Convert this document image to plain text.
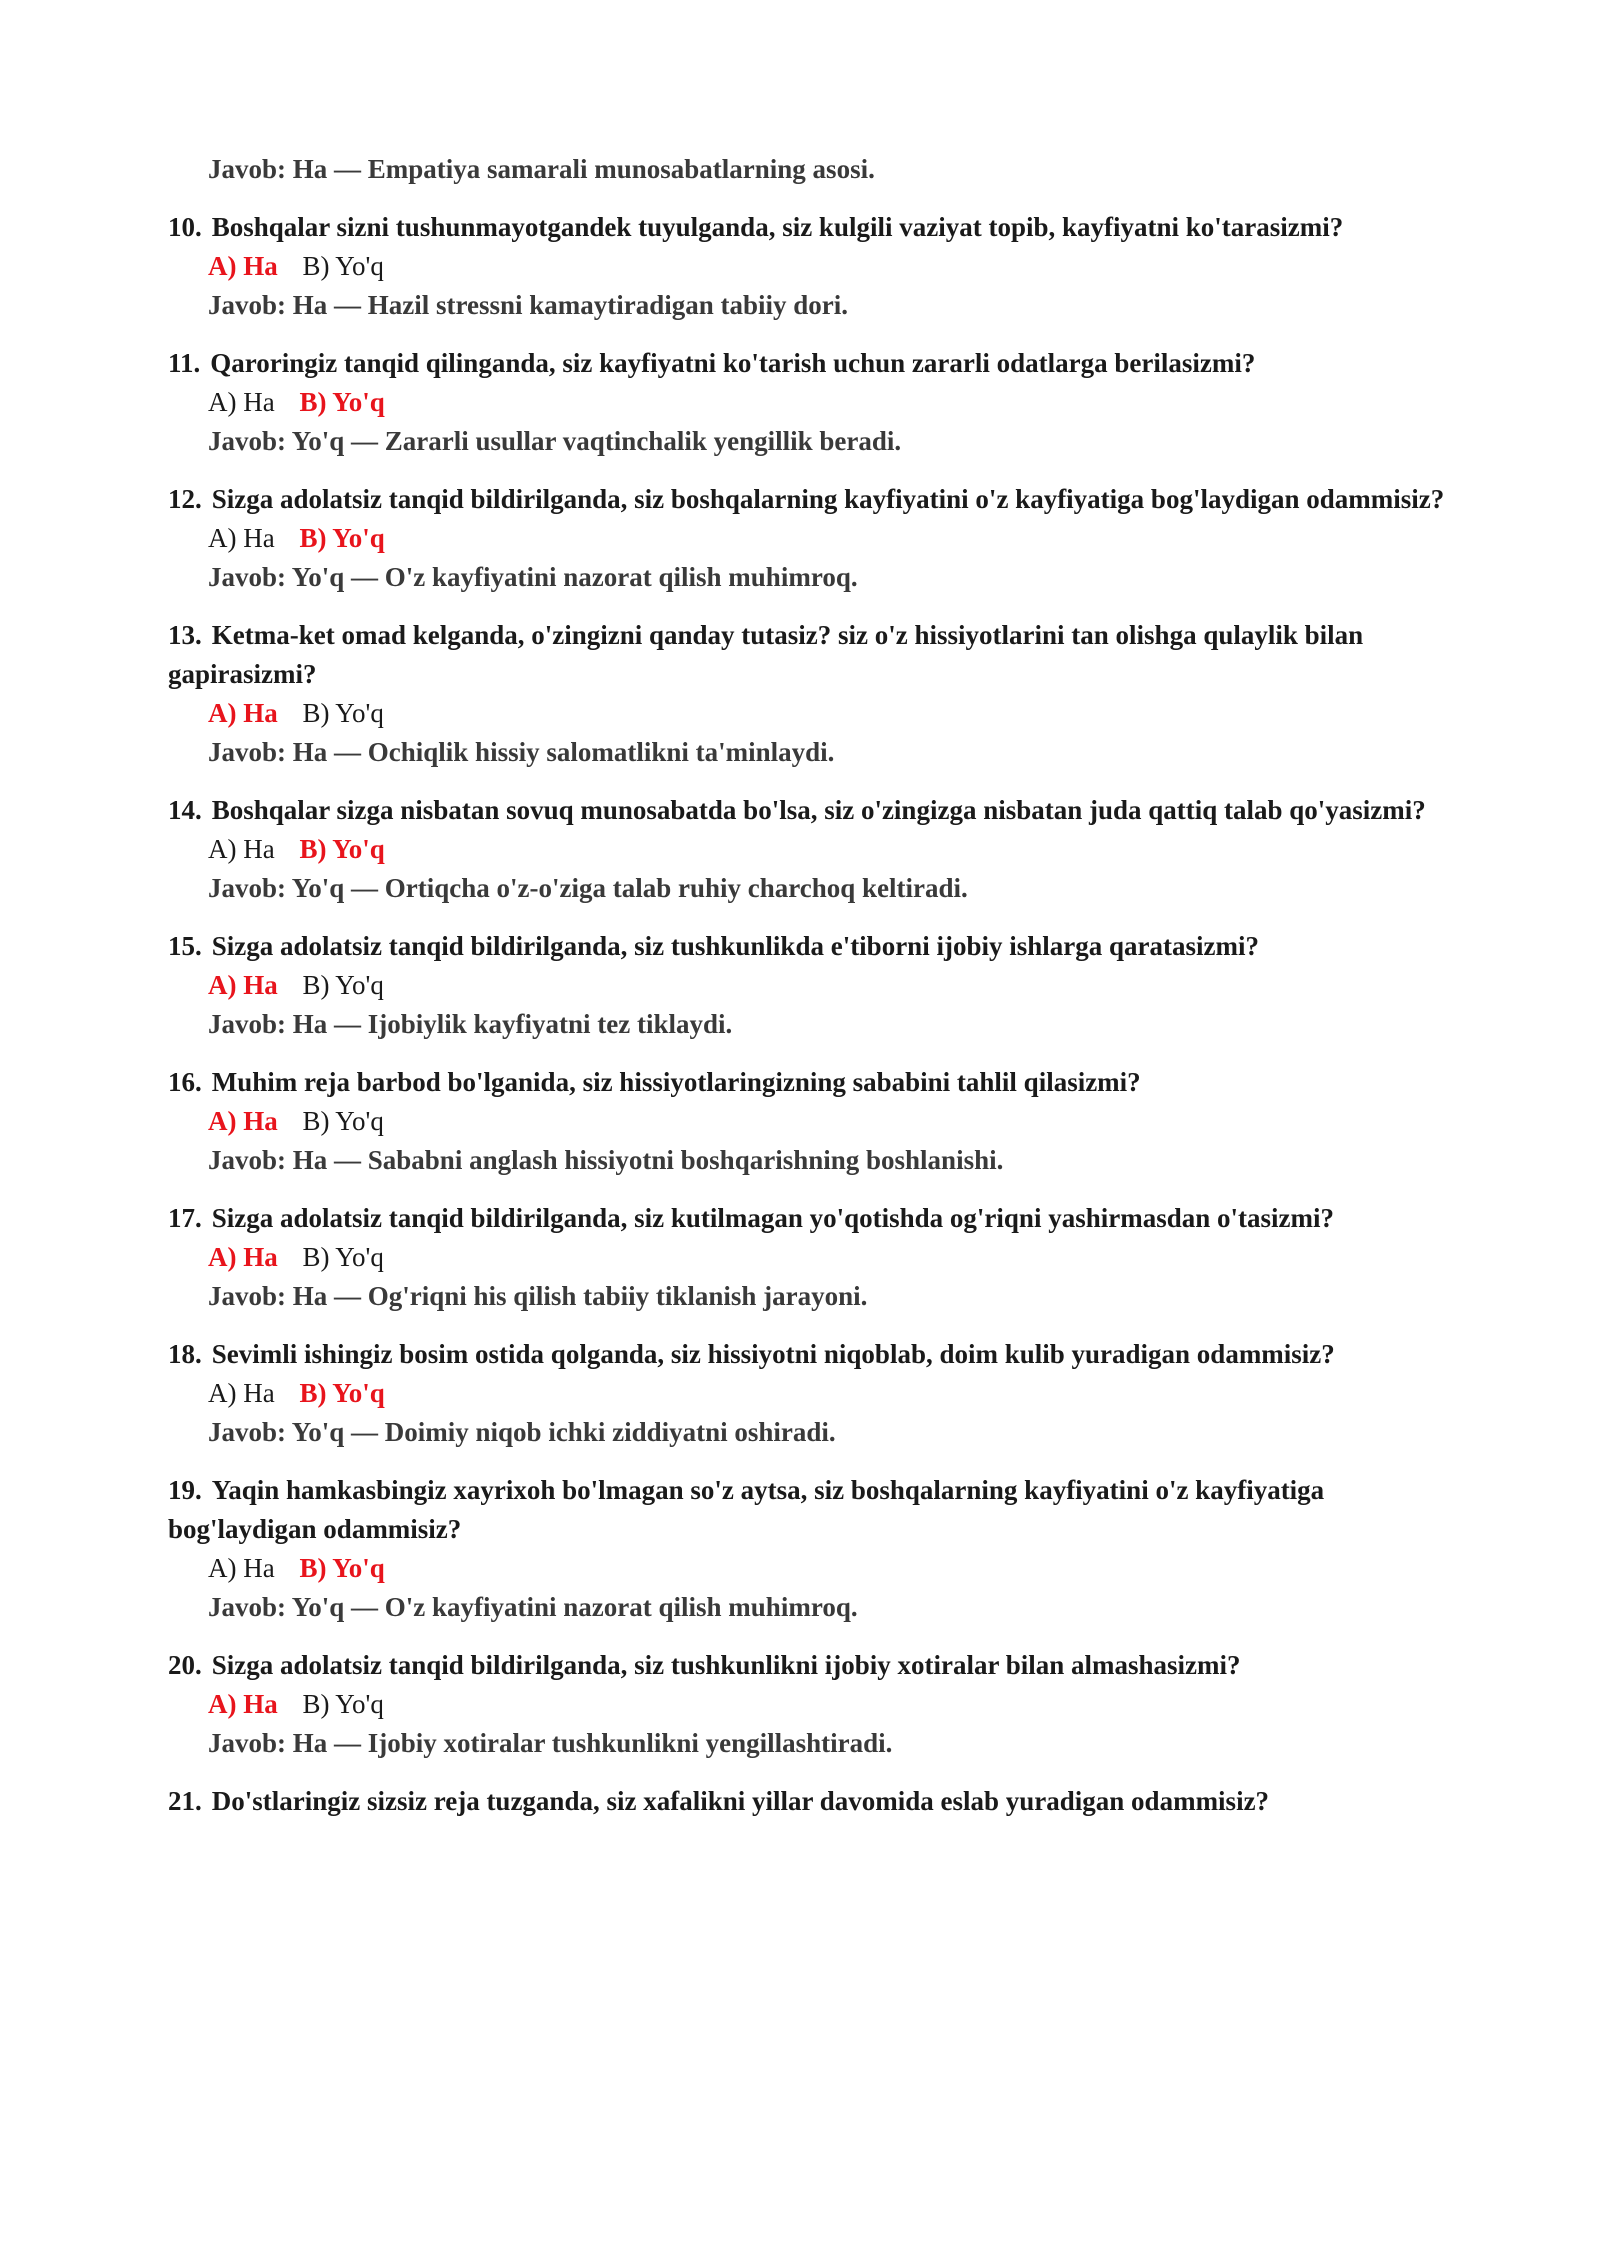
Javob: Ha — Empatiya samarali munosabatlarning asosi.
10. Boshqalar sizni tushunmayotgandek tuyulganda, siz kulgili vaziyat topib, kayfiyatni ko'tarasizmi?
A) Ha B) Yo'q
Javob: Ha — Hazil stressni kamaytiradigan tabiiy dori.
11. Qaroringiz tanqid qilinganda, siz kayfiyatni ko'tarish uchun zararli odatlarga berilasizmi?
A) Ha B) Yo'q
Javob: Yo'q — Zararli usullar vaqtinchalik yengillik beradi.
12. Sizga adolatsiz tanqid bildirilganda, siz boshqalarning kayfiyatini o'z kayfiyatiga bog'laydigan odammisiz?
A) Ha B) Yo'q
Javob: Yo'q — O'z kayfiyatini nazorat qilish muhimroq.
13. Ketma-ket omad kelganda, o'zingizni qanday tutasiz? siz o'z hissiyotlarini tan olishga qulaylik bilan gapirasizmi?
A) Ha B) Yo'q
Javob: Ha — Ochiqlik hissiy salomatlikni ta'minlaydi.
14. Boshqalar sizga nisbatan sovuq munosabatda bo'lsa, siz o'zingizga nisbatan juda qattiq talab qo'yasizmi?
A) Ha B) Yo'q
Javob: Yo'q — Ortiqcha o'z-o'ziga talab ruhiy charchoq keltiradi.
15. Sizga adolatsiz tanqid bildirilganda, siz tushkunlikda e'tiborni ijobiy ishlarga qaratasizmi?
A) Ha B) Yo'q
Javob: Ha — Ijobiylik kayfiyatni tez tiklaydi.
16. Muhim reja barbod bo'lganida, siz hissiyotlaringizning sababini tahlil qilasizmi?
A) Ha B) Yo'q
Javob: Ha — Sababni anglash hissiyotni boshqarishning boshlanishi.
17. Sizga adolatsiz tanqid bildirilganda, siz kutilmagan yo'qotishda og'riqni yashirmasdan o'tasizmi?
A) Ha B) Yo'q
Javob: Ha — Og'riqni his qilish tabiiy tiklanish jarayoni.
18. Sevimli ishingiz bosim ostida qolganda, siz hissiyotni niqoblab, doim kulib yuradigan odammisiz?
A) Ha B) Yo'q
Javob: Yo'q — Doimiy niqob ichki ziddiyatni oshiradi.
19. Yaqin hamkasbingiz xayrixoh bo'lmagan so'z aytsa, siz boshqalarning kayfiyatini o'z kayfiyatiga bog'laydigan odammisiz?
A) Ha B) Yo'q
Javob: Yo'q — O'z kayfiyatini nazorat qilish muhimroq.
20. Sizga adolatsiz tanqid bildirilganda, siz tushkunlikni ijobiy xotiralar bilan almashasizmi?
A) Ha B) Yo'q
Javob: Ha — Ijobiy xotiralar tushkunlikni yengillashtiradi.
21. Do'stlaringiz sizsiz reja tuzganda, siz xafalikni yillar davomida eslab yuradigan odammisiz?
